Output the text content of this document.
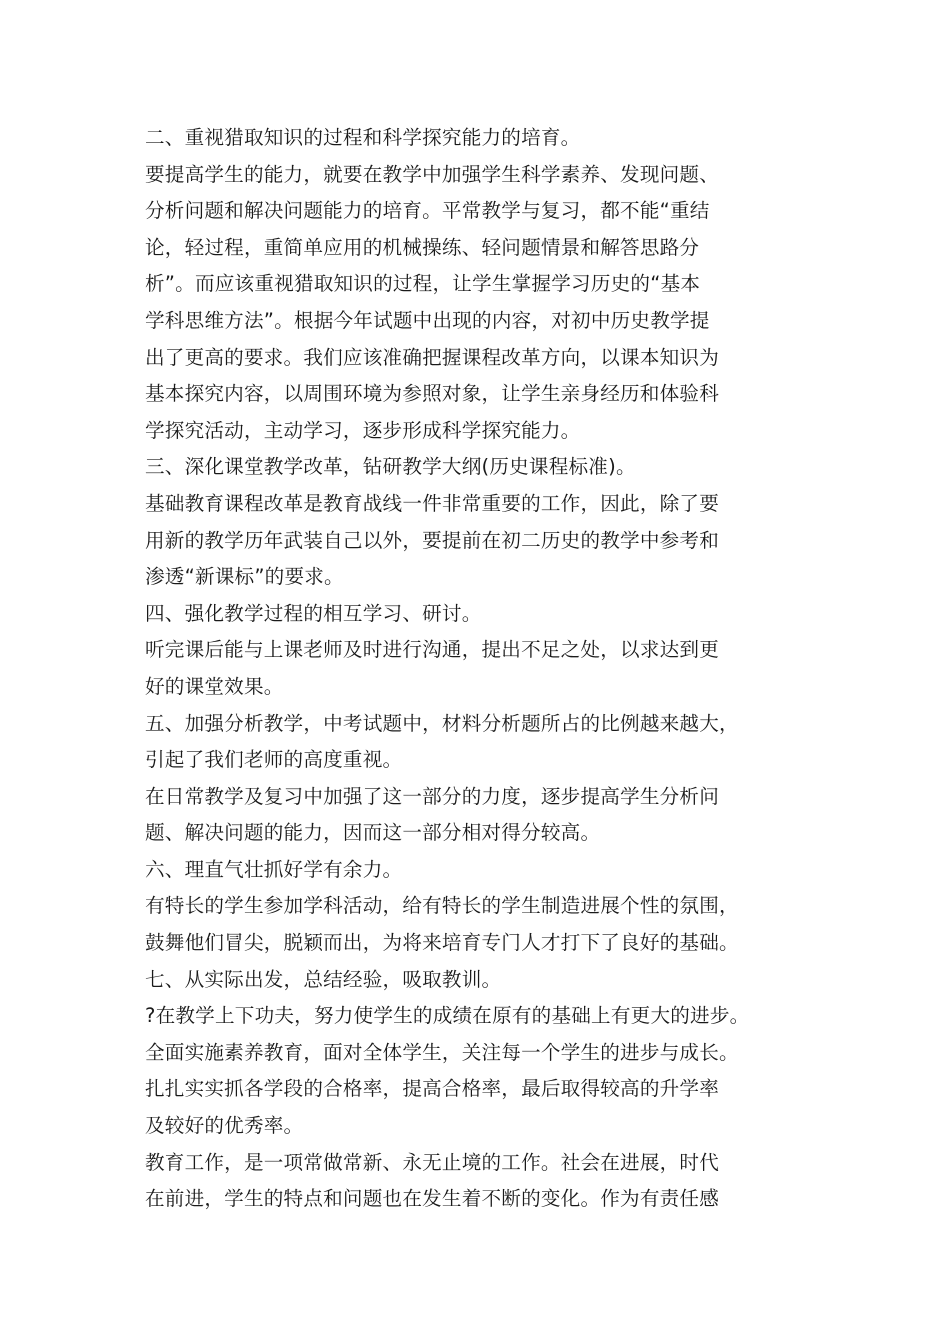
二、重视猎取知识的过程和科学探究能力的培育。
要提高学生的能力，就要在教学中加强学生科学素养、发现问题、
分析问题和解决问题能力的培育。平常教学与复习，都不能“重结
论，轻过程，重简单应用的机械操练、轻问题情景和解答思路分
析”。而应该重视猎取知识的过程，让学生掌握学习历史的“基本
学科思维方法”。根据今年试题中出现的内容，对初中历史教学提
出了更高的要求。我们应该准确把握课程改革方向，以课本知识为
基本探究内容，以周围环境为参照对象，让学生亲身经历和体验科
学探究活动，主动学习，逐步形成科学探究能力。
三、深化课堂教学改革，钻研教学大纲(历史课程标准)。
基础教育课程改革是教育战线一件非常重要的工作，因此，除了要
用新的教学历年武装自己以外，要提前在初二历史的教学中参考和
渗透“新课标”的要求。
四、强化教学过程的相互学习、研讨。
听完课后能与上课老师及时进行沟通，提出不足之处，以求达到更
好的课堂效果。
五、加强分析教学，中考试题中，材料分析题所占的比例越来越大，
引起了我们老师的高度重视。
在日常教学及复习中加强了这一部分的力度，逐步提高学生分析问
题、解决问题的能力，因而这一部分相对得分较高。
六、理直气壮抓好学有余力。
有特长的学生参加学科活动，给有特长的学生制造进展个性的氛围，
鼓舞他们冒尖，脱颖而出，为将来培育专门人才打下了良好的基础。
七、从实际出发，总结经验，吸取教训。
?在教学上下功夫，努力使学生的成绩在原有的基础上有更大的进步。
全面实施素养教育，面对全体学生，关注每一个学生的进步与成长。
扎扎实实抓各学段的合格率，提高合格率，最后取得较高的升学率
及较好的优秀率。
教育工作，是一项常做常新、永无止境的工作。社会在进展，时代
在前进，学生的特点和问题也在发生着不断的变化。作为有责任感
